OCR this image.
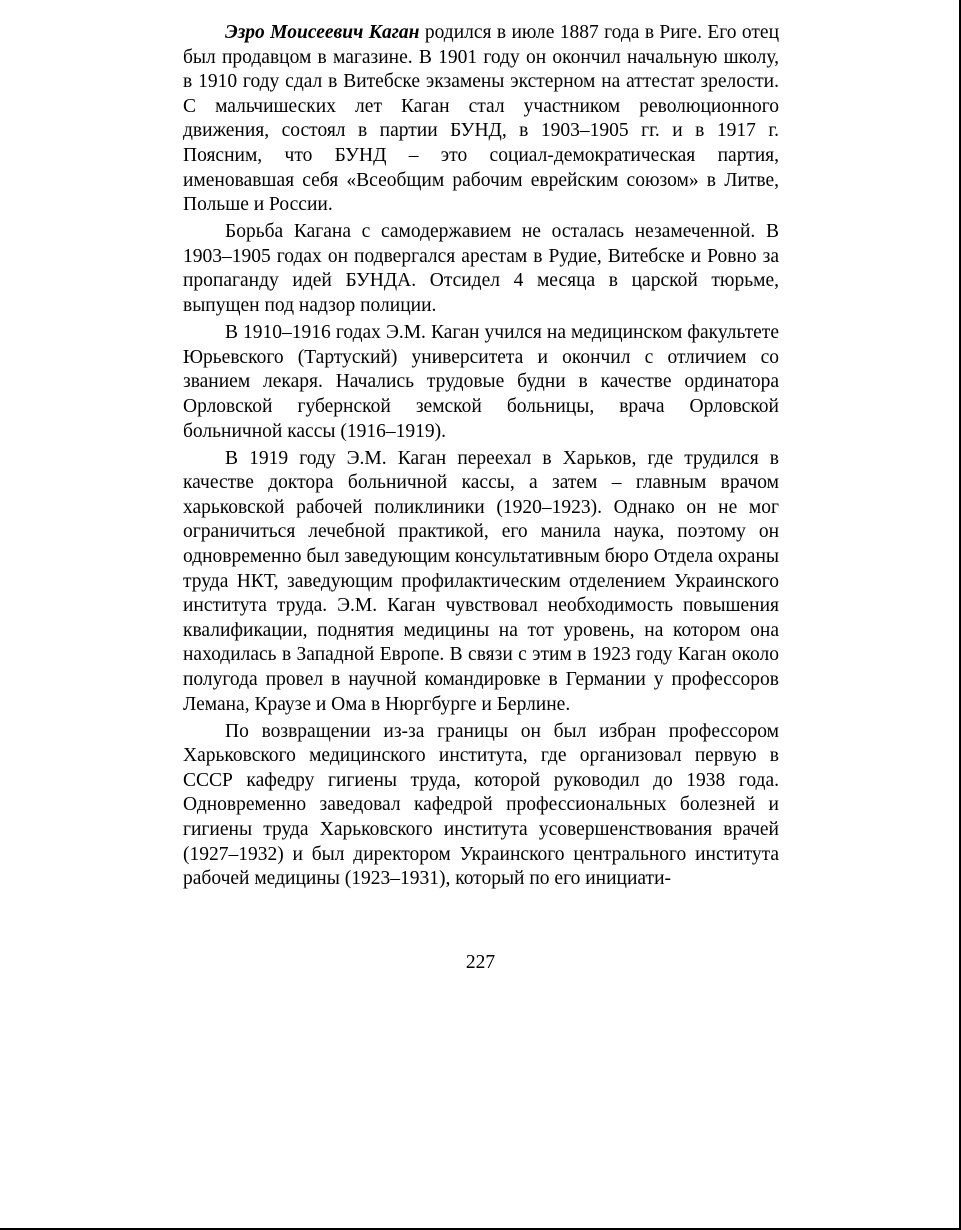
Эзро Моисеевич Каган родился в июле 1887 года в Риге. Его отец был продавцом в магазине. В 1901 году он окончил начальную школу, в 1910 году сдал в Витебске экзамены экстерном на аттестат зрелости. С мальчишеских лет Каган стал участником революционного движения, состоял в партии БУНД, в 1903–1905 гг. и в 1917 г. Поясним, что БУНД – это социал-демократическая партия, именовавшая себя «Всеобщим рабочим еврейским союзом» в Литве, Польше и России.

Борьба Кагана с самодержавием не осталась незамеченной. В 1903–1905 годах он подвергался арестам в Рудие, Витебске и Ровно за пропаганду идей БУНДА. Отсидел 4 месяца в царской тюрьме, выпущен под надзор полиции.

В 1910–1916 годах Э.М. Каган учился на медицинском факультете Юрьевского (Тартуский) университета и окончил с отличием со званием лекаря. Начались трудовые будни в качестве ординатора Орловской губернской земской больницы, врача Орловской больничной кассы (1916–1919).

В 1919 году Э.М. Каган переехал в Харьков, где трудился в качестве доктора больничной кассы, а затем – главным врачом харьковской рабочей поликлиники (1920–1923). Однако он не мог ограничиться лечебной практикой, его манила наука, поэтому он одновременно был заведующим консультативным бюро Отдела охраны труда НКТ, заведующим профилактическим отделением Украинского института труда. Э.М. Каган чувствовал необходимость повышения квалификации, поднятия медицины на тот уровень, на котором она находилась в Западной Европе. В связи с этим в 1923 году Каган около полугода провел в научной командировке в Германии у профессоров Лемана, Краузе и Ома в Нюргбурге и Берлине.

По возвращении из-за границы он был избран профессором Харьковского медицинского института, где организовал первую в СССР кафедру гигиены труда, которой руководил до 1938 года. Одновременно заведовал кафедрой профессиональных болезней и гигиены труда Харьковского института усовершенствования врачей (1927–1932) и был директором Украинского центрального института рабочей медицины (1923–1931), который по его инициати-

227
